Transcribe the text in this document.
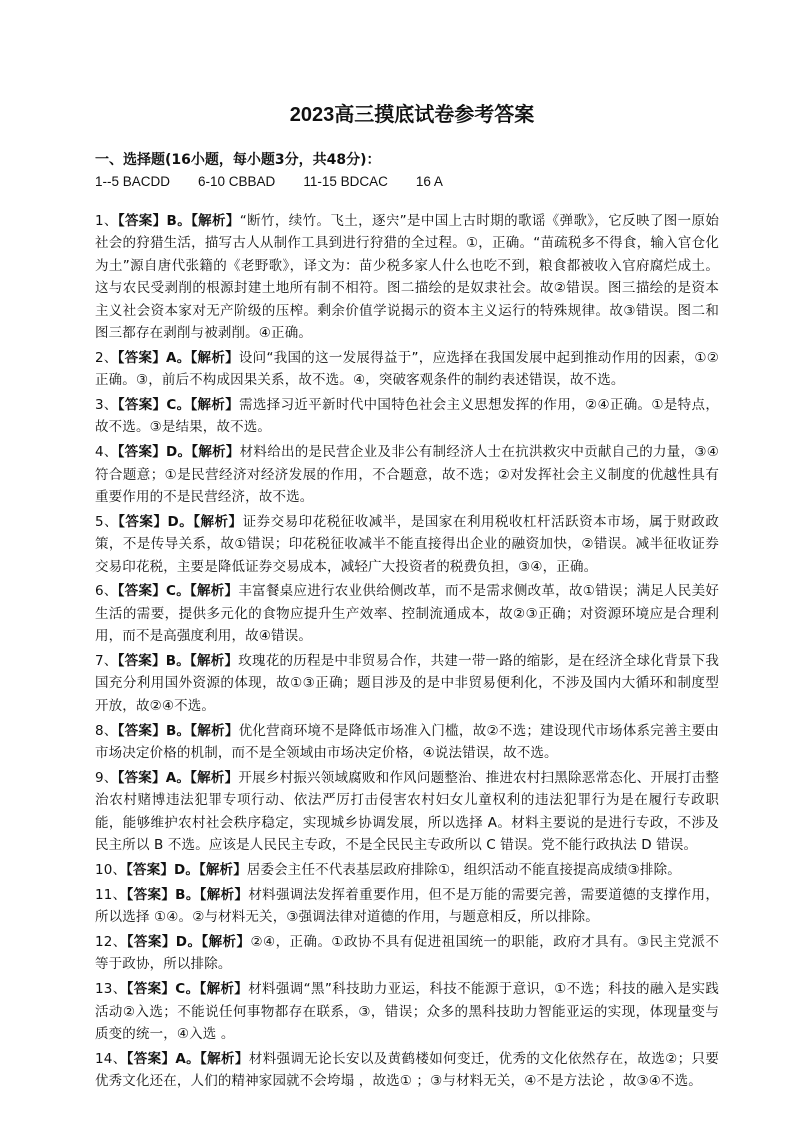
2023高三摸底试卷参考答案

一、选择题(16小题，每小题3分，共48分)：

1--5 BACDD 6-10 CBBAD 11-15 BDCAC 16 A

1、【答案】B。【解析】“断竹，续竹。飞土，逐宍”是中国上古时期的歌谣《弹歌》，它反映了图一原始社会的狩猎生活，描写古人从制作工具到进行狩猎的全过程。①，正确。“苗疏税多不得食，输入官仓化为土”源自唐代张籍的《老野歌》，译文为：苗少税多家人什么也吃不到，粮食都被收入官府腐烂成土。这与农民受剥削的根源封建土地所有制不相符。图二描绘的是奴隶社会。故②错误。图三描绘的是资本主义社会资本家对无产阶级的压榨。剩余价值学说揭示的资本主义运行的特殊规律。故③错误。图二和图三都存在剥削与被剥削。④正确。

2、【答案】A。【解析】设问“我国的这一发展得益于”，应选择在我国发展中起到推动作用的因素，①②正确。③，前后不构成因果关系，故不选。④，突破客观条件的制约表述错误，故不选。

3、【答案】C。【解析】需选择习近平新时代中国特色社会主义思想发挥的作用，②④正确。①是特点，故不选。③是结果，故不选。

4、【答案】D。【解析】材料给出的是民营企业及非公有制经济人士在抗洪救灾中贡献自己的力量，③④符合题意；①是民营经济对经济发展的作用，不合题意，故不选；②对发挥社会主义制度的优越性具有重要作用的不是民营经济，故不选。

5、【答案】D。【解析】证券交易印花税征收减半，是国家在利用税收杠杆活跃资本市场，属于财政政策，不是传导关系，故①错误；印花税征收减半不能直接得出企业的融资加快，②错误。减半征收证券交易印花税，主要是降低证券交易成本，减轻广大投资者的税费负担，③④，正确。

6、【答案】C。【解析】丰富餐桌应进行农业供给侧改革，而不是需求侧改革，故①错误；满足人民美好生活的需要，提供多元化的食物应提升生产效率、控制流通成本，故②③正确；对资源环境应是合理利用，而不是高强度利用，故④错误。

7、【答案】B。【解析】玫瑰花的历程是中非贸易合作，共建一带一路的缩影，是在经济全球化背景下我国充分利用国外资源的体现，故①③正确；题目涉及的是中非贸易便利化，不涉及国内大循环和制度型开放，故②④不选。

8、【答案】B。【解析】优化营商环境不是降低市场准入门槛，故②不选；建设现代市场体系完善主要由市场决定价格的机制，而不是全领域由市场决定价格，④说法错误，故不选。

9、【答案】A。【解析】开展乡村振兴领域腐败和作风问题整治、推进农村扫黑除恶常态化、开展打击整治农村赌博违法犯罪专项行动、依法严厉打击侵害农村妇女儿童权利的违法犯罪行为是在履行专政职能，能够维护农村社会秩序稳定，实现城乡协调发展，所以选择 A。材料主要说的是进行专政，不涉及民主所以 B 不选。应该是人民民主专政，不是全民民主专政所以 C 错误。党不能行政执法 D 错误。

10、【答案】D。【解析】居委会主任不代表基层政府排除①，组织活动不能直接提高成绩③排除。

11、【答案】B。【解析】材料强调法发挥着重要作用，但不是万能的需要完善，需要道德的支撑作用，所以选择 ①④。②与材料无关，③强调法律对道德的作用，与题意相反，所以排除。

12、【答案】D。【解析】②④，正确。①政协不具有促进祖国统一的职能，政府才具有。③民主党派不等于政协，所以排除。

13、【答案】C。【解析】材料强调“黑”科技助力亚运，科技不能源于意识，①不选；科技的融入是实践活动②入选；不能说任何事物都存在联系，③，错误；众多的黑科技助力智能亚运的实现，体现量变与质变的统一，④入选 。

14、【答案】A。【解析】材料强调无论长安以及黄鹤楼如何变迁，优秀的文化依然存在，故选②；只要优秀文化还在，人们的精神家园就不会垮塌 ，故选① ；③与材料无关，④不是方法论 ，故③④不选。
